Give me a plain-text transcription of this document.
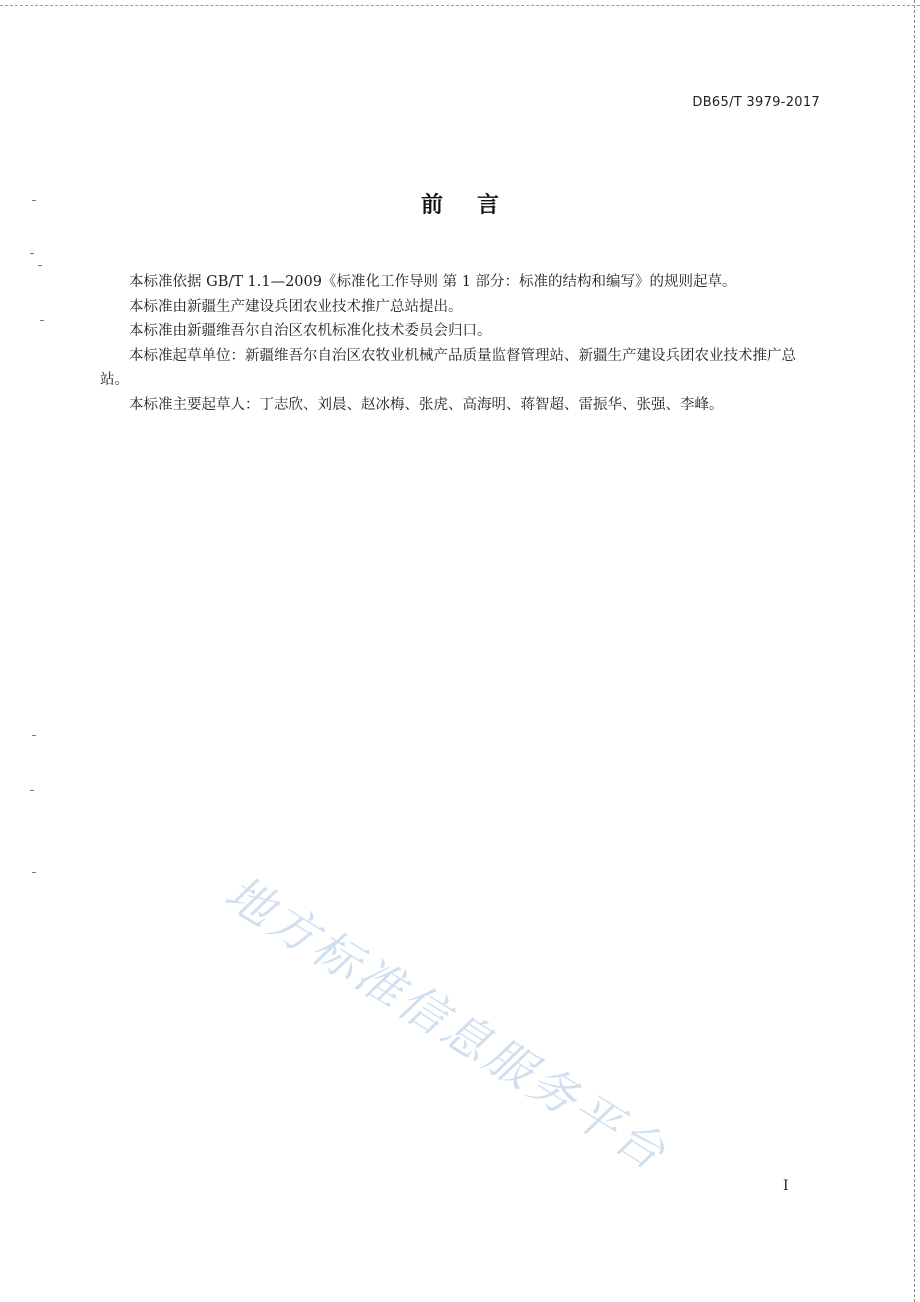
DB65/T 3979-2017
前言

本标准依据 GB/T 1.1—2009《标准化工作导则 第 1 部分：标准的结构和编写》的规则起草。

本标准由新疆生产建设兵团农业技术推广总站提出。

本标准由新疆维吾尔自治区农机标准化技术委员会归口。

本标准起草单位：新疆维吾尔自治区农牧业机械产品质量监督管理站、新疆生产建设兵团农业技术推广总站。

本标准主要起草人：丁志欣、刘晨、赵冰梅、张虎、高海明、蒋智超、雷振华、张强、李峰。

地方标准信息服务平台
I
